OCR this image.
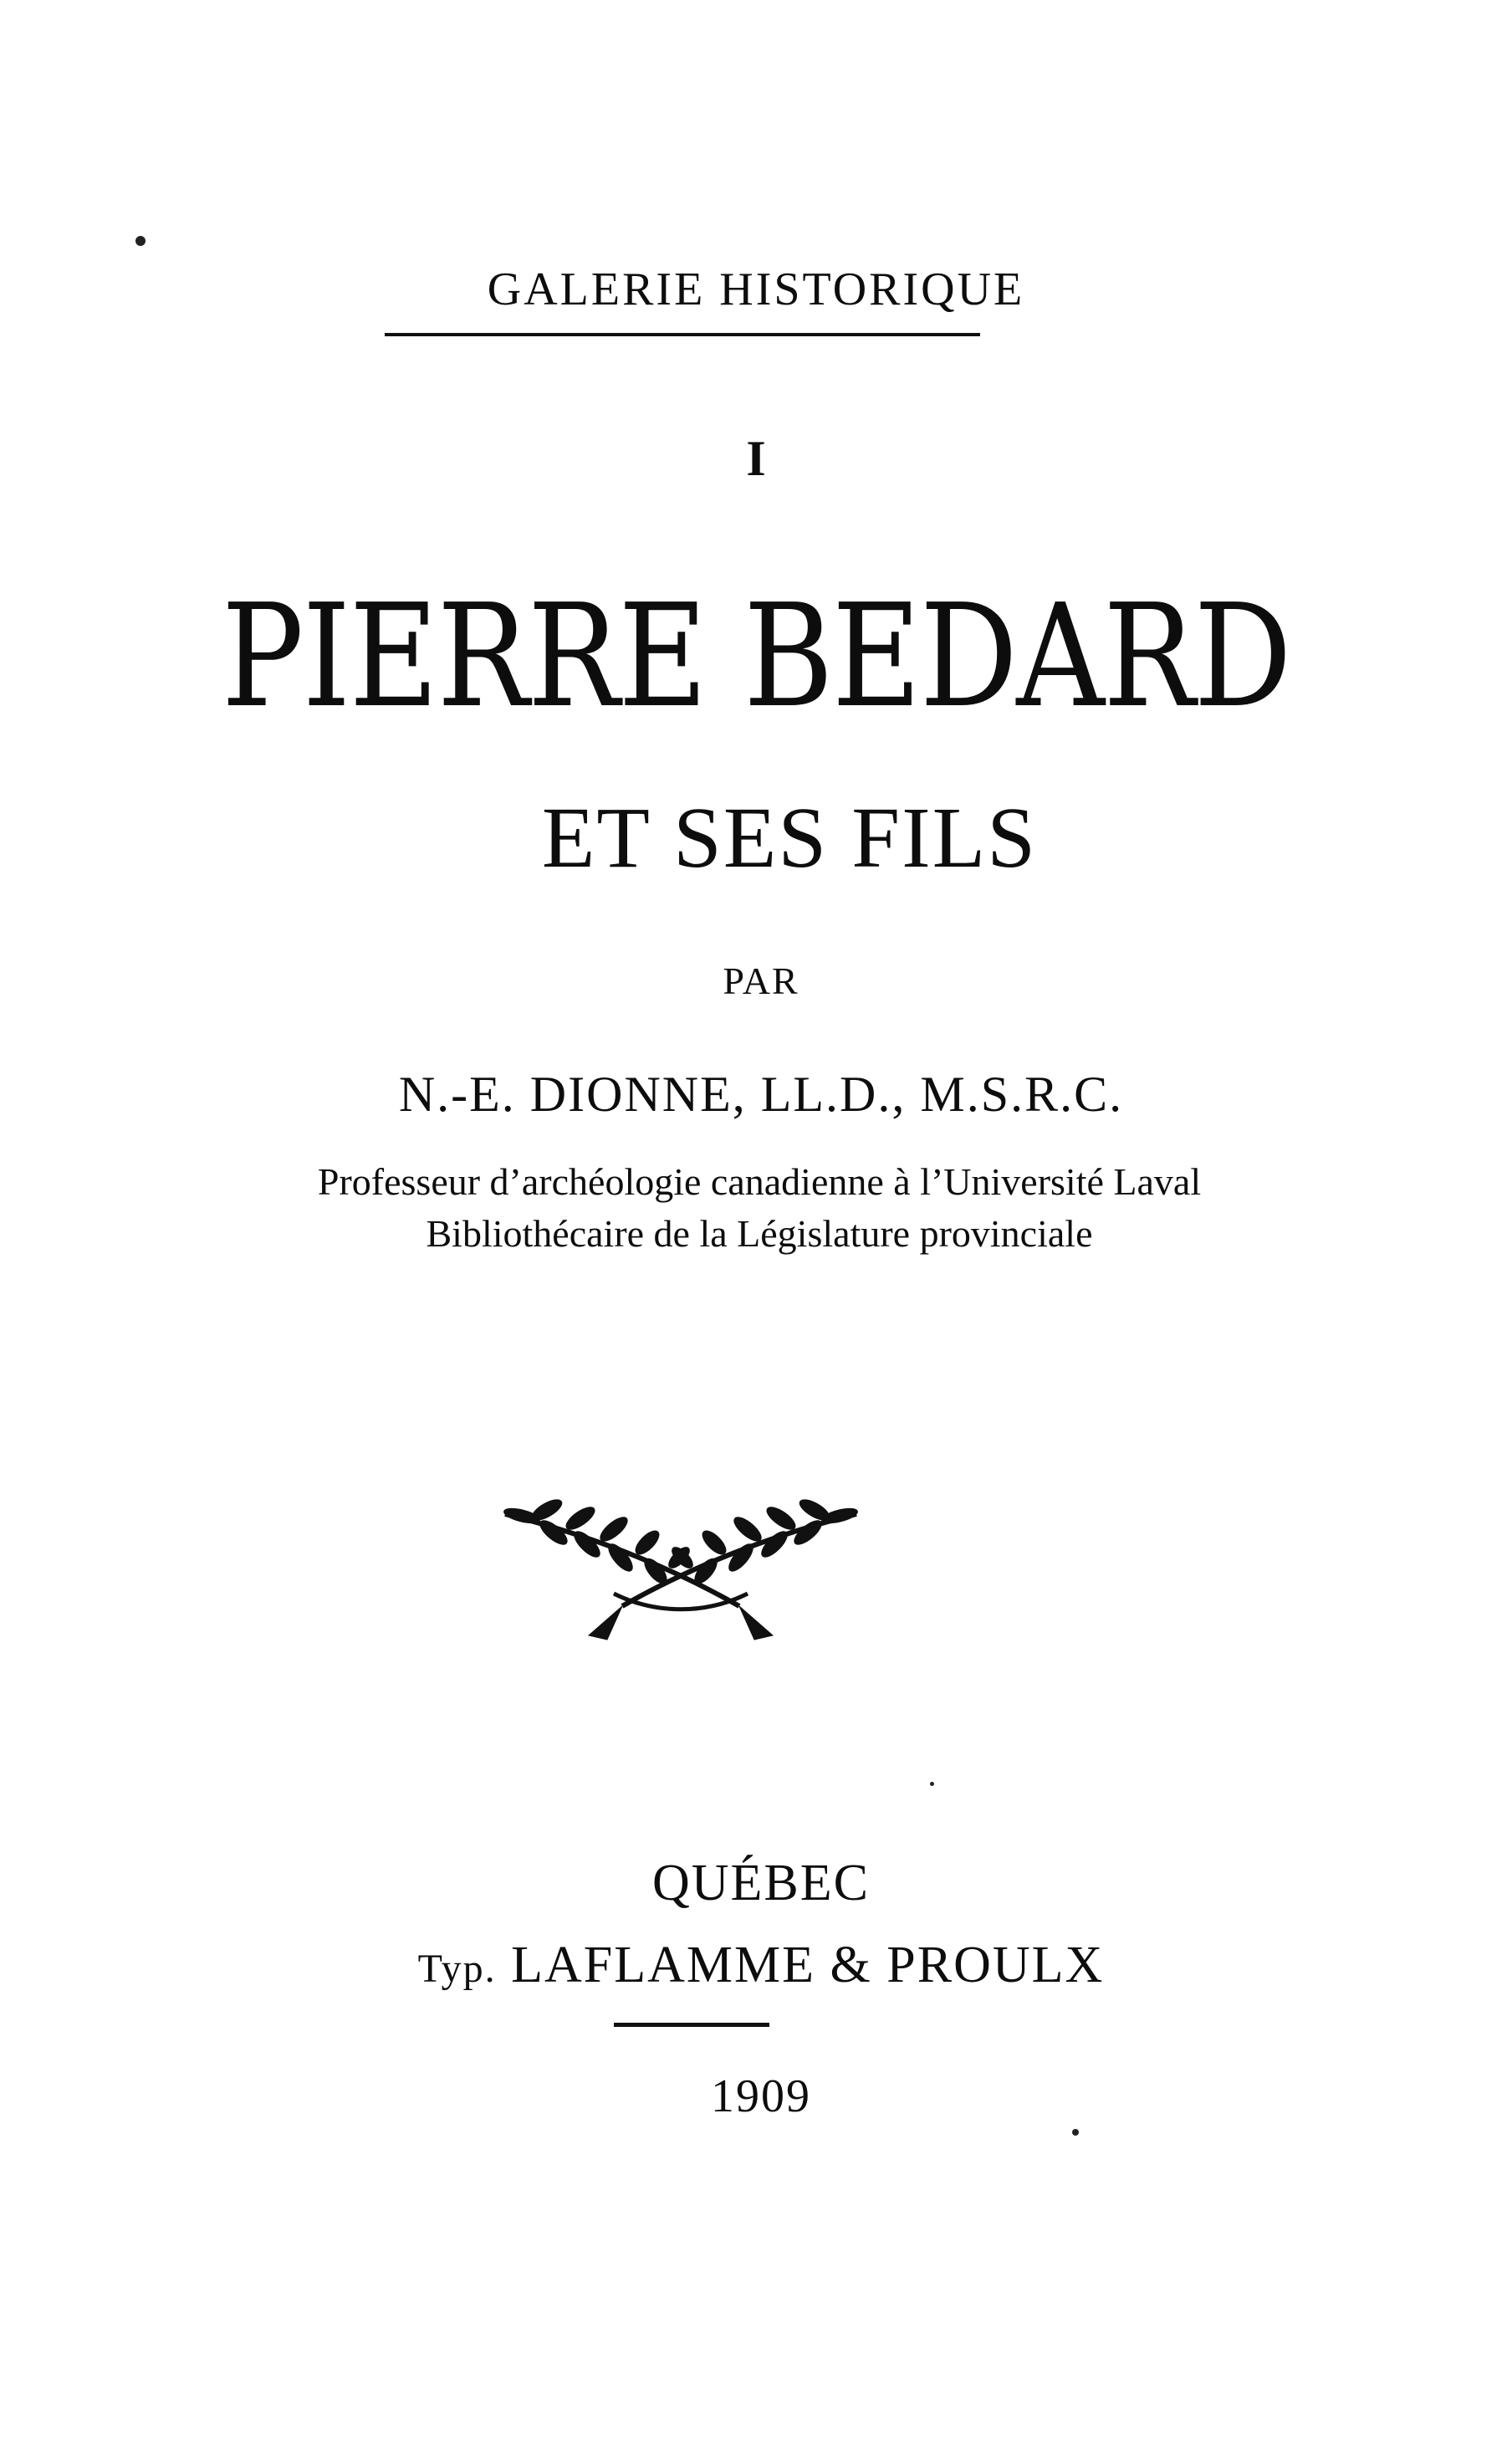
GALERIE HISTORIQUE
I
PIERRE BEDARD
ET SES FILS
PAR
N.-E. DIONNE, LL.D., M.S.R.C.
Professeur d’archéologie canadienne à l’Université Laval
Bibliothécaire de la Législature provinciale
QUÉBEC
Typ. LAFLAMME & PROULX
1909
